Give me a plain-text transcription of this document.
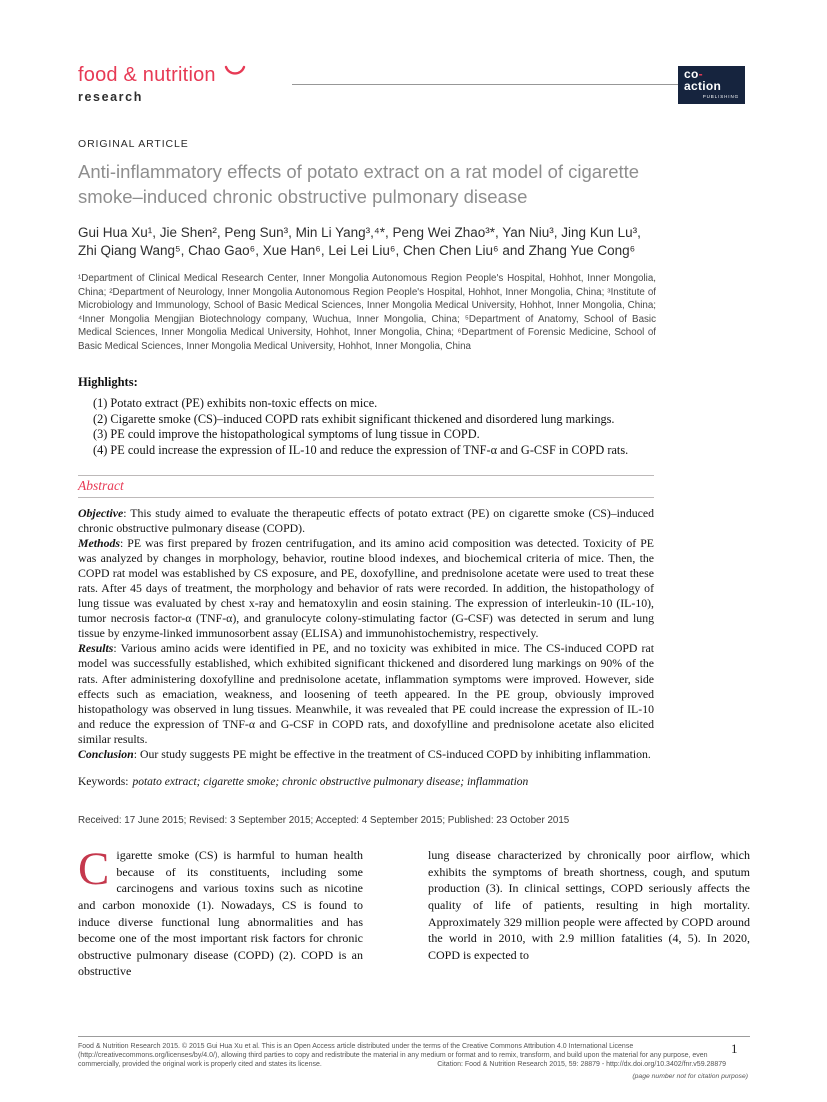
food & nutrition
research
co-
action
PUBLISHING
ORIGINAL ARTICLE
Anti-inflammatory effects of potato extract on a rat model of cigarette smoke–induced chronic obstructive pulmonary disease
Gui Hua Xu¹, Jie Shen², Peng Sun³, Min Li Yang³,⁴*, Peng Wei Zhao³*, Yan Niu³, Jing Kun Lu³, Zhi Qiang Wang⁵, Chao Gao⁶, Xue Han⁶, Lei Lei Liu⁶, Chen Chen Liu⁶ and Zhang Yue Cong⁶
¹Department of Clinical Medical Research Center, Inner Mongolia Autonomous Region People's Hospital, Hohhot, Inner Mongolia, China; ²Department of Neurology, Inner Mongolia Autonomous Region People's Hospital, Hohhot, Inner Mongolia, China; ³Institute of Microbiology and Immunology, School of Basic Medical Sciences, Inner Mongolia Medical University, Hohhot, Inner Mongolia, China; ⁴Inner Mongolia Mengjian Biotechnology company, Wuchua, Inner Mongolia, China; ⁵Department of Anatomy, School of Basic Medical Sciences, Inner Mongolia Medical University, Hohhot, Inner Mongolia, China; ⁶Department of Forensic Medicine, School of Basic Medical Sciences, Inner Mongolia Medical University, Hohhot, Inner Mongolia, China
Highlights:
(1) Potato extract (PE) exhibits non-toxic effects on mice.
(2) Cigarette smoke (CS)–induced COPD rats exhibit significant thickened and disordered lung markings.
(3) PE could improve the histopathological symptoms of lung tissue in COPD.
(4) PE could increase the expression of IL-10 and reduce the expression of TNF-α and G-CSF in COPD rats.
Abstract

Objective: This study aimed to evaluate the therapeutic effects of potato extract (PE) on cigarette smoke (CS)–induced chronic obstructive pulmonary disease (COPD).

Methods: PE was first prepared by frozen centrifugation, and its amino acid composition was detected. Toxicity of PE was analyzed by changes in morphology, behavior, routine blood indexes, and biochemical criteria of mice. Then, the COPD rat model was established by CS exposure, and PE, doxofylline, and prednisolone acetate were used to treat these rats. After 45 days of treatment, the morphology and behavior of rats were recorded. In addition, the histopathology of lung tissue was evaluated by chest x-ray and hematoxylin and eosin staining. The expression of interleukin-10 (IL-10), tumor necrosis factor-α (TNF-α), and granulocyte colony-stimulating factor (G-CSF) was detected in serum and lung tissue by enzyme-linked immunosorbent assay (ELISA) and immunohistochemistry, respectively.

Results: Various amino acids were identified in PE, and no toxicity was exhibited in mice. The CS-induced COPD rat model was successfully established, which exhibited significant thickened and disordered lung markings on 90% of the rats. After administering doxofylline and prednisolone acetate, inflammation symptoms were improved. However, side effects such as emaciation, weakness, and loosening of teeth appeared. In the PE group, obviously improved histopathology was observed in lung tissues. Meanwhile, it was revealed that PE could increase the expression of IL-10 and reduce the expression of TNF-α and G-CSF in COPD rats, and doxofylline and prednisolone acetate also elicited similar results.

Conclusion: Our study suggests PE might be effective in the treatment of CS-induced COPD by inhibiting inflammation.

Keywords: potato extract; cigarette smoke; chronic obstructive pulmonary disease; inflammation
Received: 17 June 2015; Revised: 3 September 2015; Accepted: 4 September 2015; Published: 23 October 2015
Cigarette smoke (CS) is harmful to human health because of its constituents, including some carcinogens and various toxins such as nicotine and carbon monoxide (1). Nowadays, CS is found to induce diverse functional lung abnormalities and has become one of the most important risk factors for chronic obstructive pulmonary disease (COPD) (2). COPD is an obstructive
lung disease characterized by chronically poor airflow, which exhibits the symptoms of breath shortness, cough, and sputum production (3). In clinical settings, COPD seriously affects the quality of life of patients, resulting in high mortality. Approximately 329 million people were affected by COPD around the world in 2010, with 2.9 million fatalities (4, 5). In 2020, COPD is expected to
Food & Nutrition Research 2015. © 2015 Gui Hua Xu et al. This is an Open Access article distributed under the terms of the Creative Commons Attribution 4.0 International License (http://creativecommons.org/licenses/by/4.0/), allowing third parties to copy and redistribute the material in any medium or format and to remix, transform, and build upon the material for any purpose, even commercially, provided the original work is properly cited and states its license.	Citation: Food & Nutrition Research 2015, 59: 28879 - http://dx.doi.org/10.3402/fnr.v59.28879
1
(page number not for citation purpose)
